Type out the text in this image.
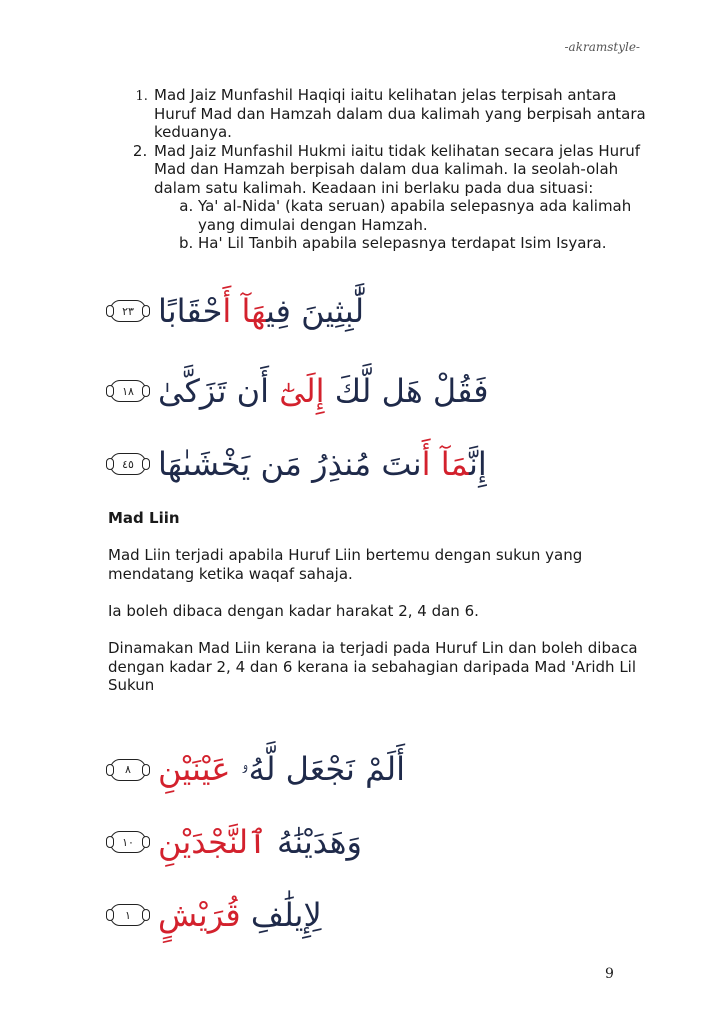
-akramstyle-
1. Mad Jaiz Munfashil Haqiqi iaitu kelihatan jelas terpisah antara Huruf Mad dan Hamzah dalam dua kalimah yang berpisah antara keduanya.
2. Mad Jaiz Munfashil Hukmi iaitu tidak kelihatan secara jelas Huruf Mad dan Hamzah berpisah dalam dua kalimah. Ia seolah-olah dalam satu kalimah. Keadaan ini berlaku pada dua situasi:
a. Ya' al-Nida' (kata seruan) apabila selepasnya ada kalimah yang dimulai dengan Hamzah.
b. Ha' Lil Tanbih apabila selepasnya terdapat Isim Isyara.
٢٣	لَّٰبِثِينَ فِيهَآ أَحْقَابًا
١٨	فَقُلْ هَل لَّكَ إِلَىٰٓ أَن تَزَكَّىٰ
٤٥	إِنَّمَآ أَنتَ مُنذِرُ مَن يَخْشَىٰهَا
Mad Liin

Mad Liin terjadi apabila Huruf Liin bertemu dengan sukun yang mendatang ketika waqaf sahaja.

Ia boleh dibaca dengan kadar harakat 2, 4 dan 6.

Dinamakan Mad Liin kerana ia terjadi pada Huruf Lin dan boleh dibaca dengan kadar 2, 4 dan 6 kerana ia sebahagian daripada Mad 'Aridh Lil Sukun

٨	أَلَمْ نَجْعَل لَّهُۥ عَيْنَيْنِ
١٠	وَهَدَيْنَٰهُ ٱلنَّجْدَيْنِ
١	لِإِيلَٰفِ قُرَيْشٍ
9
